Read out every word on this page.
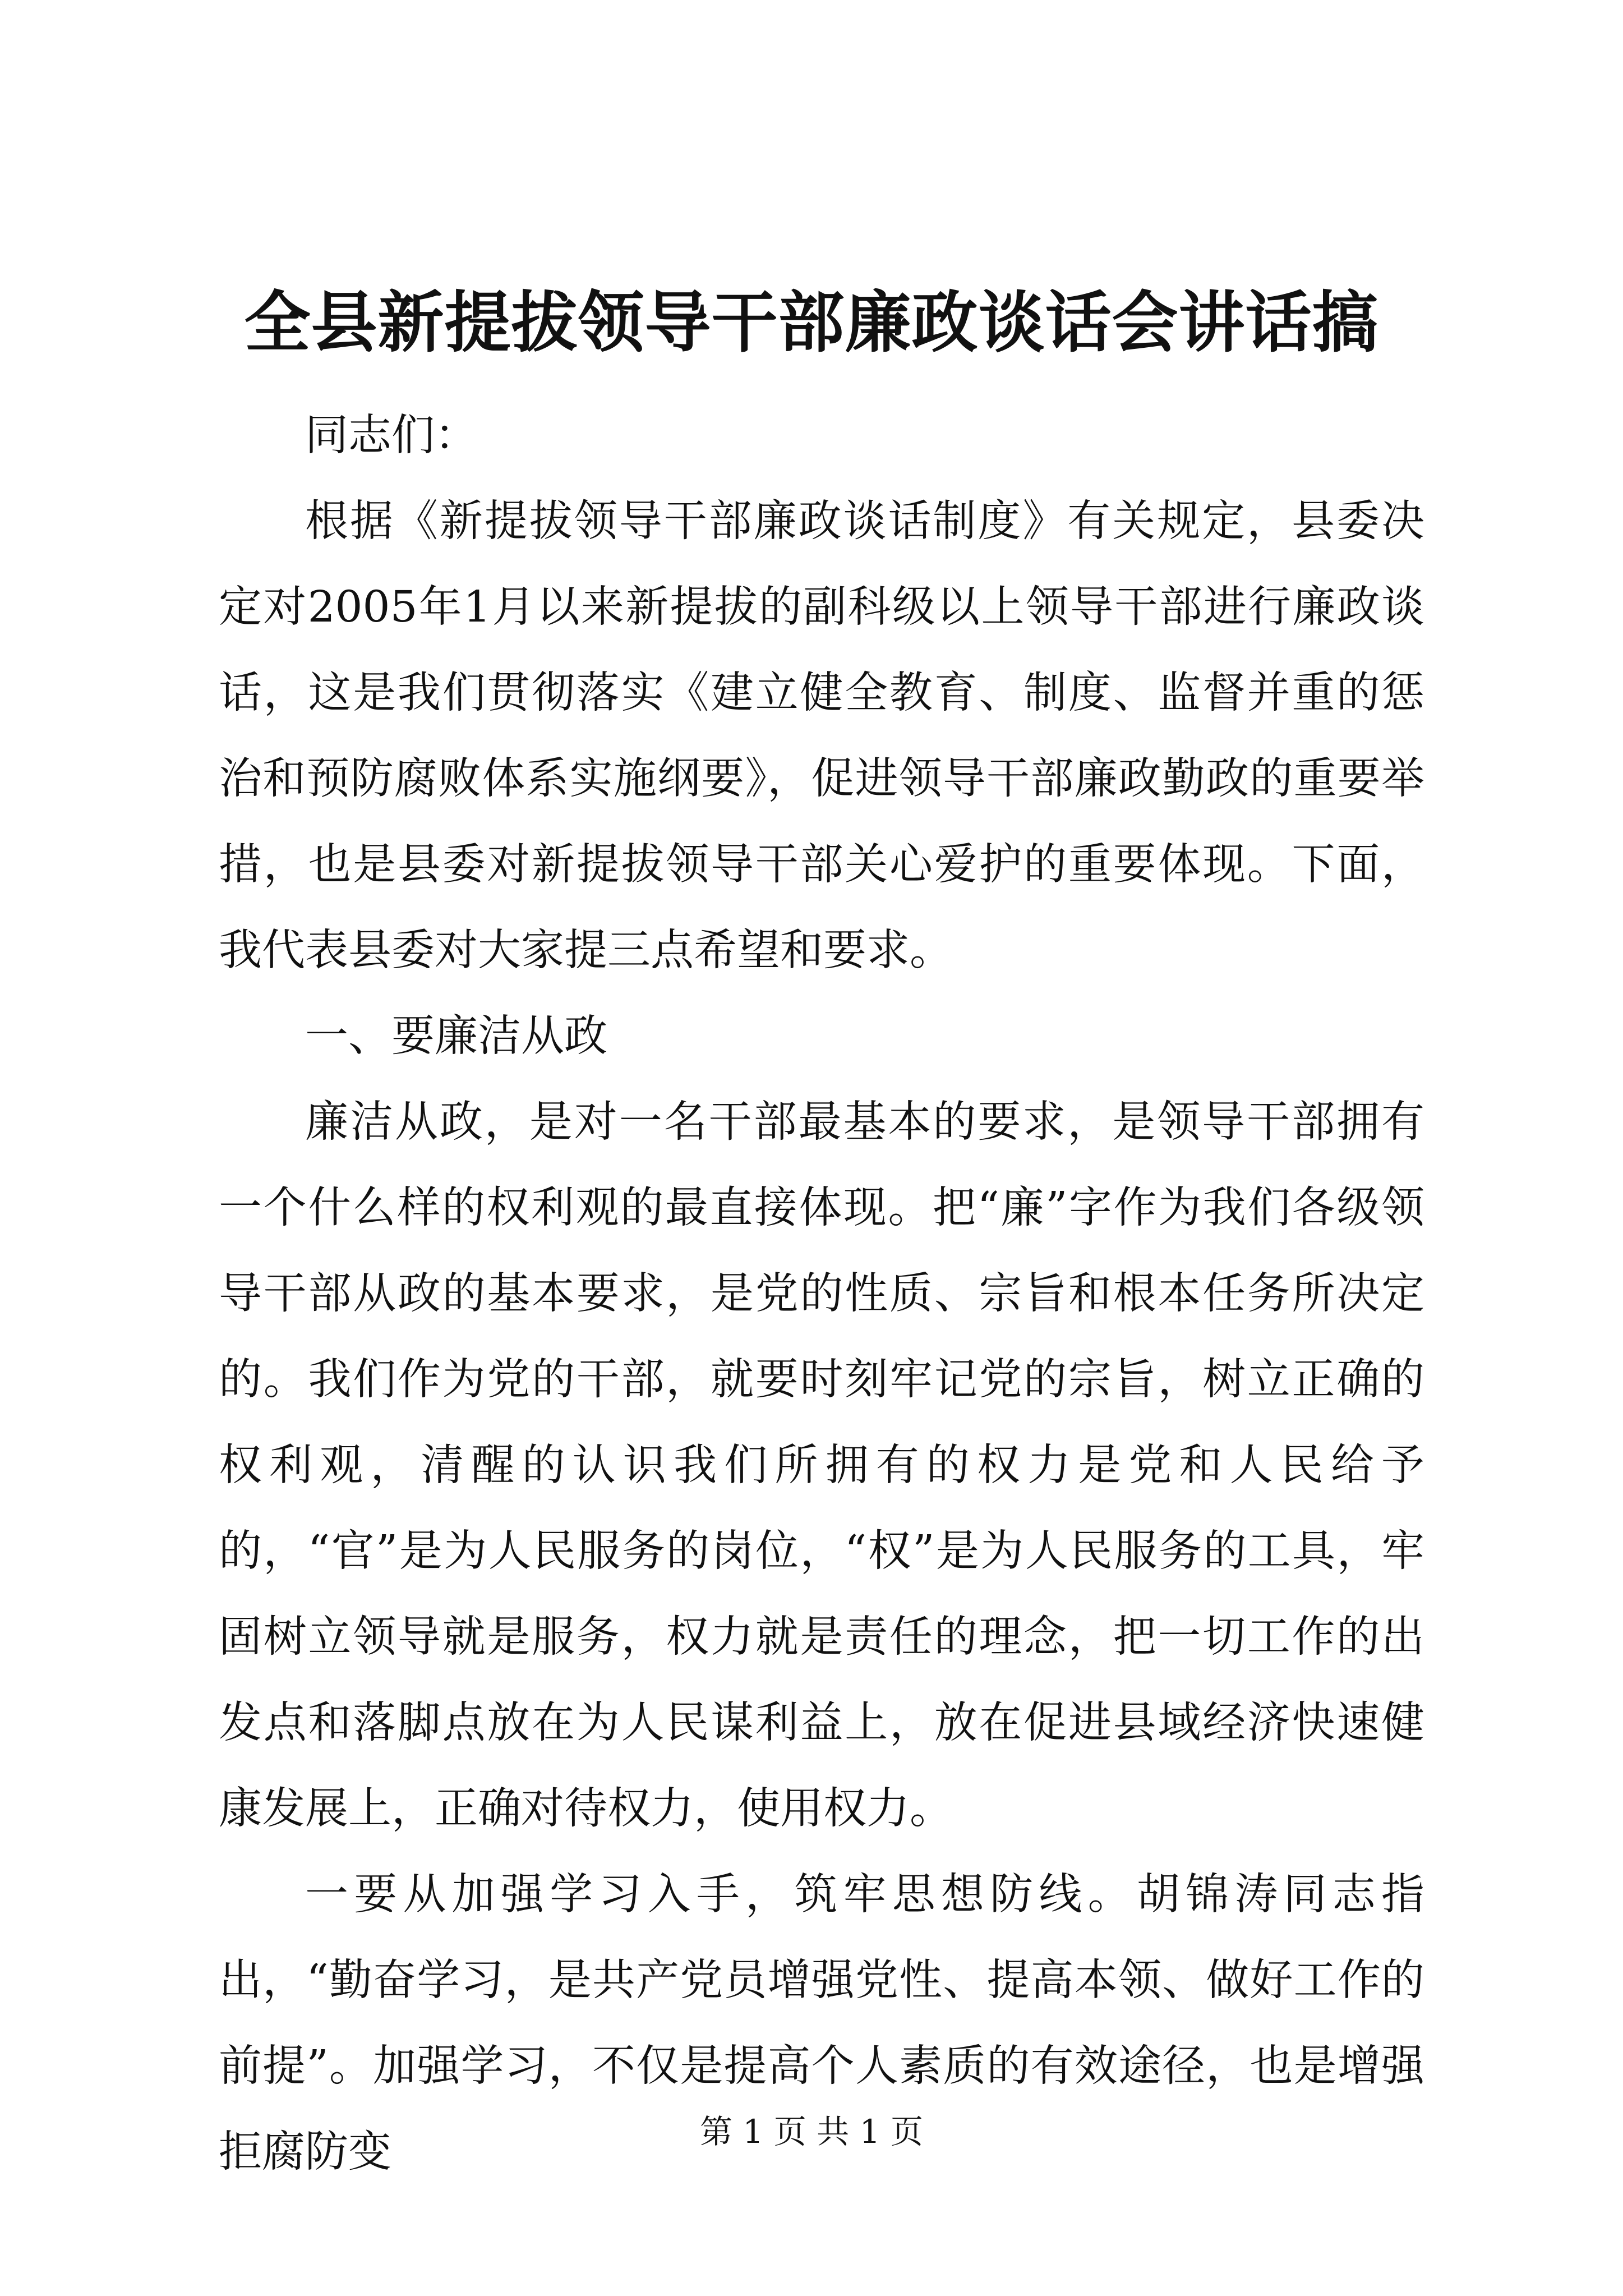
全县新提拔领导干部廉政谈话会讲话搞

同志们：

根据《新提拔领导干部廉政谈话制度》有关规定，县委决定对2005年1月以来新提拔的副科级以上领导干部进行廉政谈话，这是我们贯彻落实《建立健全教育、制度、监督并重的惩治和预防腐败体系实施纲要》，促进领导干部廉政勤政的重要举措，也是县委对新提拔领导干部关心爱护的重要体现。下面，我代表县委对大家提三点希望和要求。

一、要廉洁从政

廉洁从政，是对一名干部最基本的要求，是领导干部拥有一个什么样的权利观的最直接体现。把“廉”字作为我们各级领导干部从政的基本要求，是党的性质、宗旨和根本任务所决定的。我们作为党的干部，就要时刻牢记党的宗旨，树立正确的权利观，清醒的认识我们所拥有的权力是党和人民给予的，“官”是为人民服务的岗位，“权”是为人民服务的工具，牢固树立领导就是服务，权力就是责任的理念，把一切工作的出发点和落脚点放在为人民谋利益上，放在促进县域经济快速健康发展上，正确对待权力，使用权力。

一要从加强学习入手，筑牢思想防线。胡锦涛同志指出，“勤奋学习，是共产党员增强党性、提高本领、做好工作的前提”。加强学习，不仅是提高个人素质的有效途径，也是增强拒腐防变	第 1 页 共 1 页
